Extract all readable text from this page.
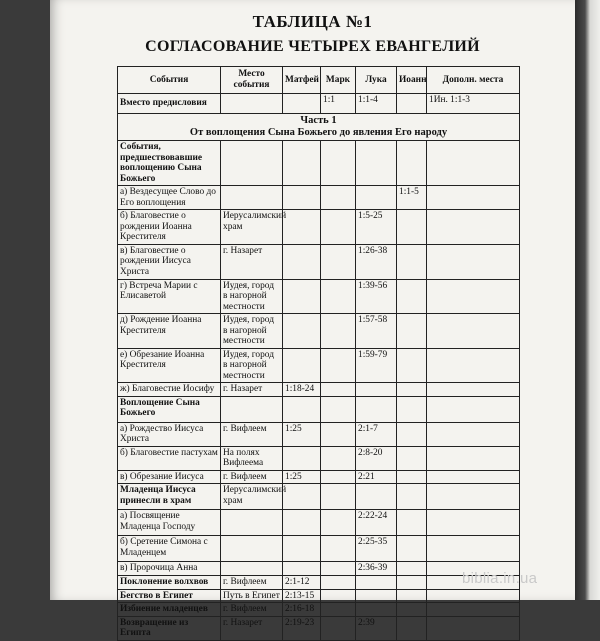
ТАБЛИЦА №1
СОГЛАСОВАНИЕ ЧЕТЫРЕХ ЕВАНГЕЛИЙ
События	Место события	Матфей	Марк	Лука	Иоанн	Дополн. места
Вместо предисловия			1:1	1:1-4		1Ин. 1:1-3

Часть 1
От воплощения Сына Божьего до явления Его народу						

События, предшествовавшие воплощению Сына Божьего						
а) Вездесущее Слово до Его воплощения					1:1-5	
б) Благовестие о рождении Иоанна Крестителя	Иерусалимский храм			1:5-25		
в) Благовестие о рождении Иисуса Христа	г. Назарет			1:26-38		
г) Встреча Марии с Елисаветой	Иудея, город в нагорной местности			1:39-56		
д) Рождение Иоанна Крестителя	Иудея, город в нагорной местности			1:57-58		
е) Обрезание Иоанна Крестителя	Иудея, город в нагорной местности			1:59-79		
ж) Благовестие Иосифу	г. Назарет	1:18-24				
Воплощение Сына Божьего						
а) Рождество Иисуса Христа	г. Вифлеем	1:25		2:1-7		
б) Благовестие пастухам	На полях Вифлеема			2:8-20		
в) Обрезание Иисуса	г. Вифлеем	1:25		2:21		
Младенца Иисуса принесли в храм	Иерусалимский храм					
а) Посвящение Младенца Господу				2:22-24		
б) Сретение Симона с Младенцем				2:25-35		
в) Пророчица Анна				2:36-39		
Поклонение волхвов	г. Вифлеем	2:1-12				
Бегство в Египет	Путь в Египет	2:13-15				
Избиение младенцев	г. Вифлеем	2:16-18				
Возвращение из Египта	г. Назарет	2:19-23		2:39		
biblia.in.ua
